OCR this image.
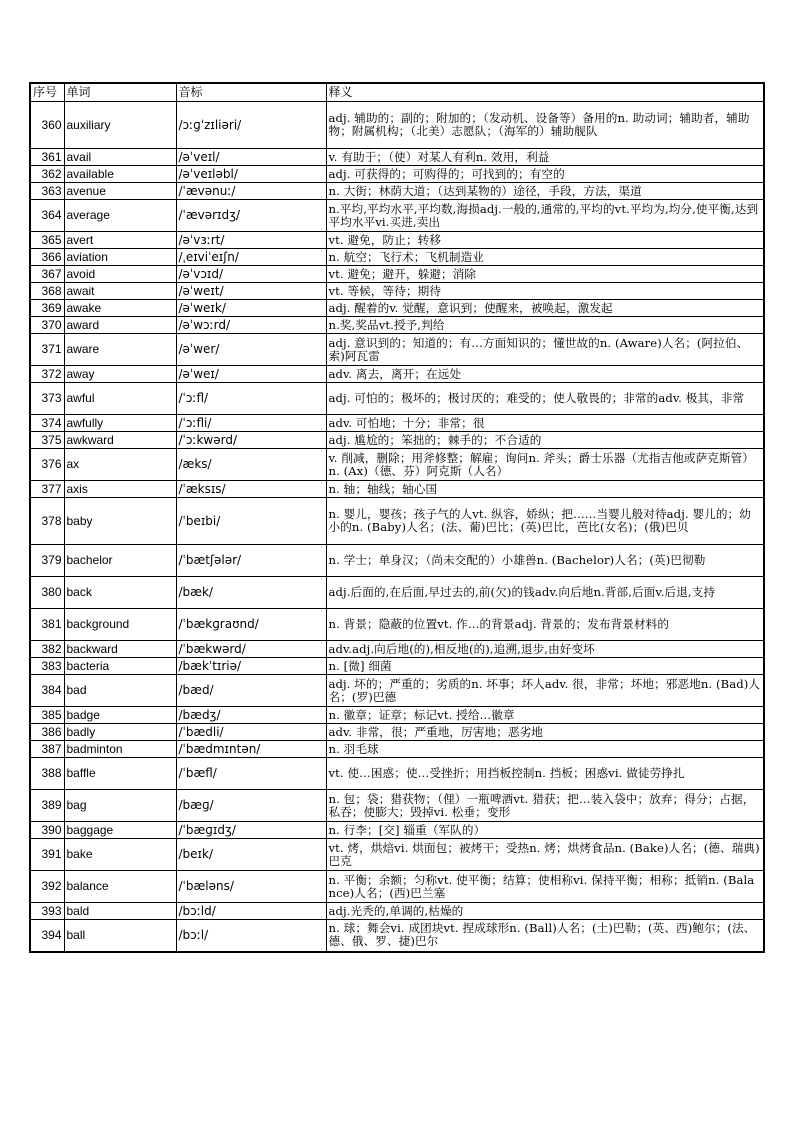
序号	单词	音标	释义
360	auxiliary	/ɔːɡˈzɪliəri/	adj. 辅助的；副的；附加的；（发动机、设备等）备用的n. 助动词；辅助者，辅助物；附属机构；（北美）志愿队；（海军的）辅助舰队
361	avail	/əˈveɪl/	v. 有助于；（使）对某人有利n. 效用，利益
362	available	/əˈveɪləbl/	adj. 可获得的；可购得的；可找到的；有空的
363	avenue	/ˈævənuː/	n. 大街；林荫大道；（达到某物的）途径，手段，方法，渠道
364	average	/ˈævərɪdʒ/	n.平均,平均水平,平均数,海损adj.一般的,通常的,平均的vt.平均为,均分,使平衡,达到平均水平vi.买进,卖出
365	avert	/əˈvɜːrt/	vt. 避免，防止；转移
366	aviation	/ˌeɪviˈeɪʃn/	n. 航空；飞行术；飞机制造业
367	avoid	/əˈvɔɪd/	vt. 避免；避开，躲避；消除
368	await	/əˈweɪt/	vt. 等候，等待；期待
369	awake	/əˈweɪk/	adj. 醒着的v. 觉醒，意识到；使醒来，被唤起，激发起
370	award	/əˈwɔːrd/	n.奖,奖品vt.授予,判给
371	aware	/əˈwer/	adj. 意识到的；知道的；有…方面知识的；懂世故的n. (Aware)人名；(阿拉伯、索)阿瓦雷
372	away	/əˈweɪ/	adv. 离去，离开；在远处
373	awful	/ˈɔːfl/	adj. 可怕的；极坏的；极讨厌的；难受的；使人敬畏的；非常的adv. 极其，非常
374	awfully	/ˈɔːfli/	adv. 可怕地；十分；非常；很
375	awkward	/ˈɔːkwərd/	adj. 尴尬的；笨拙的；棘手的；不合适的
376	ax	/æks/	v. 削减，删除；用斧修整；解雇；询问n. 斧头；爵士乐器（尤指吉他或萨克斯管）n. (Ax)（德、芬）阿克斯（人名）
377	axis	/ˈæksɪs/	n. 轴；轴线；轴心国
378	baby	/ˈbeɪbi/	n. 婴儿，婴孩；孩子气的人vt. 纵容，娇纵；把……当婴儿般对待adj. 婴儿的；幼小的n. (Baby)人名；(法、葡)巴比；(英)巴比，芭比(女名)；(俄)巴贝
379	bachelor	/ˈbætʃələr/	n. 学士；单身汉；（尚未交配的）小雄兽n. (Bachelor)人名；(英)巴彻勒
380	back	/bæk/	adj.后面的,在后面,早过去的,前(欠)的钱adv.向后地n.背部,后面v.后退,支持
381	background	/ˈbækɡraʊnd/	n. 背景；隐蔽的位置vt. 作…的背景adj. 背景的；发布背景材料的
382	backward	/ˈbækwərd/	adv.adj.向后地(的),相反地(的),追溯,退步,由好变坏
383	bacteria	/bækˈtɪriə/	n. [微] 细菌
384	bad	/bæd/	adj. 坏的；严重的；劣质的n. 坏事；坏人adv. 很，非常；坏地；邪恶地n. (Bad)人名；(罗)巴德
385	badge	/bædʒ/	n. 徽章；证章；标记vt. 授给…徽章
386	badly	/ˈbædli/	adv. 非常，很；严重地，厉害地；恶劣地
387	badminton	/ˈbædmɪntən/	n. 羽毛球
388	baffle	/ˈbæfl/	vt. 使…困惑；使…受挫折；用挡板控制n. 挡板；困惑vi. 做徒劳挣扎
389	bag	/bæɡ/	n. 包；袋；猎获物；（俚）一瓶啤酒vt. 猎获；把…装入袋中；放弃；得分；占据，私吞；使膨大；毁掉vi. 松垂；变形
390	baggage	/ˈbæɡɪdʒ/	n. 行李；[交] 辎重（军队的）
391	bake	/beɪk/	vt. 烤，烘焙vi. 烘面包；被烤干；受热n. 烤；烘烤食品n. (Bake)人名；(德、瑞典)巴克
392	balance	/ˈbæləns/	n. 平衡；余额；匀称vt. 使平衡；结算；使相称vi. 保持平衡；相称；抵销n. (Balance)人名；(西)巴兰塞
393	bald	/bɔːld/	adj.光秃的,单调的,枯燥的
394	ball	/bɔːl/	n. 球；舞会vi. 成团块vt. 捏成球形n. (Ball)人名；(土)巴勒；(英、西)鲍尔；(法、德、俄、罗、捷)巴尔
